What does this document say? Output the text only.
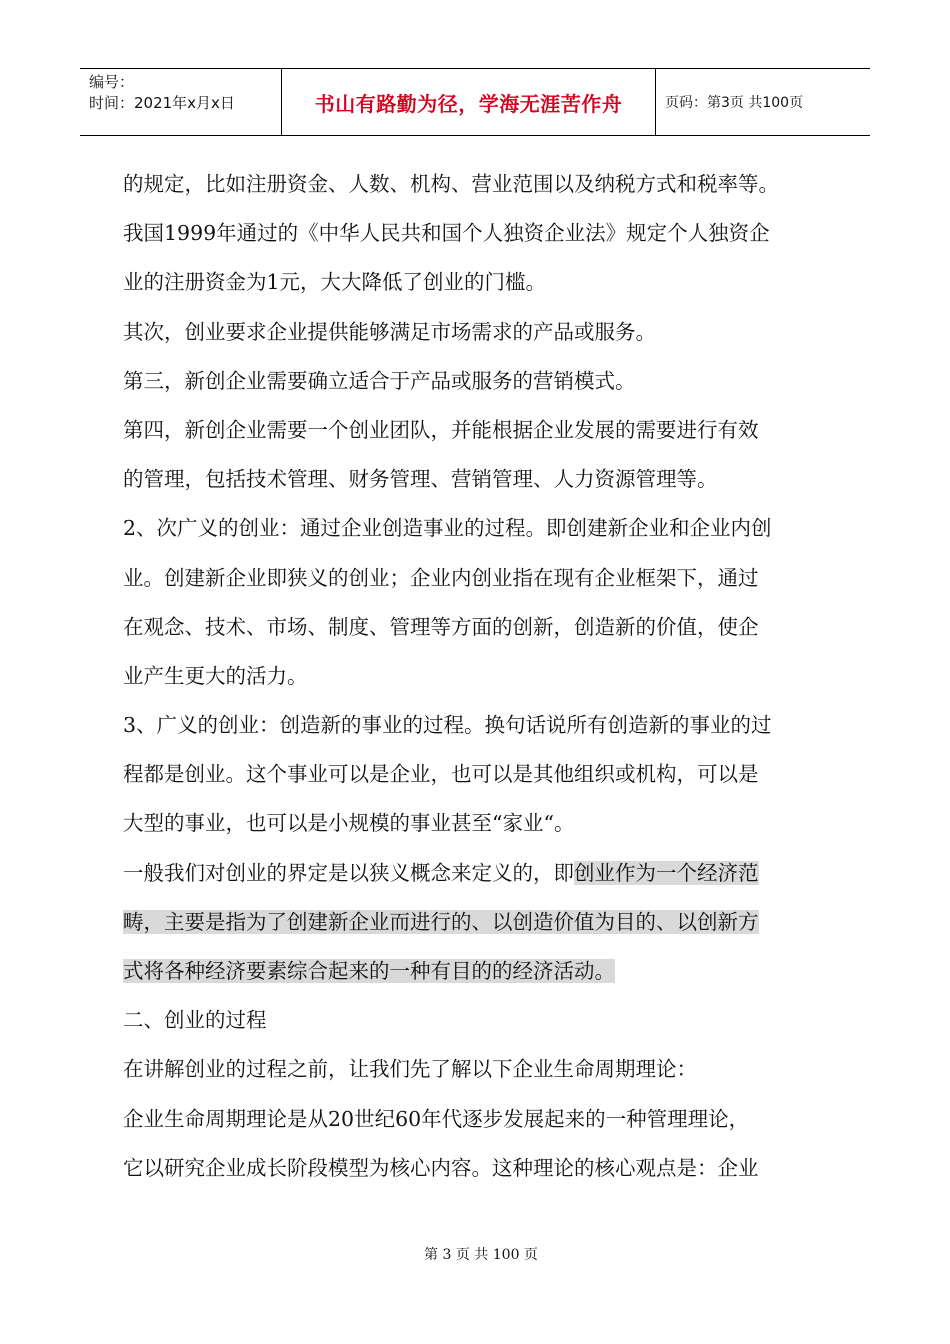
编号：
时间：2021年x月x日	书山有路勤为径，学海无涯苦作舟	页码：第3页 共100页
的规定，比如注册资金、人数、机构、营业范围以及纳税方式和税率等。
我国1999年通过的《中华人民共和国个人独资企业法》规定个人独资企
业的注册资金为1元，大大降低了创业的门槛。
其次，创业要求企业提供能够满足市场需求的产品或服务。
第三，新创企业需要确立适合于产品或服务的营销模式。
第四，新创企业需要一个创业团队，并能根据企业发展的需要进行有效
的管理，包括技术管理、财务管理、营销管理、人力资源管理等。
2、次广义的创业：通过企业创造事业的过程。即创建新企业和企业内创
业。创建新企业即狭义的创业；企业内创业指在现有企业框架下，通过
在观念、技术、市场、制度、管理等方面的创新，创造新的价值，使企
业产生更大的活力。
3、广义的创业：创造新的事业的过程。换句话说所有创造新的事业的过
程都是创业。这个事业可以是企业，也可以是其他组织或机构，可以是
大型的事业，也可以是小规模的事业甚至“家业“。
一般我们对创业的界定是以狭义概念来定义的，即创业作为一个经济范
畴，主要是指为了创建新企业而进行的、以创造价值为目的、以创新方
式将各种经济要素综合起来的一种有目的的经济活动。
二、创业的过程
在讲解创业的过程之前，让我们先了解以下企业生命周期理论：
企业生命周期理论是从20世纪60年代逐步发展起来的一种管理理论，
它以研究企业成长阶段模型为核心内容。这种理论的核心观点是：企业
第 3 页 共 100 页
